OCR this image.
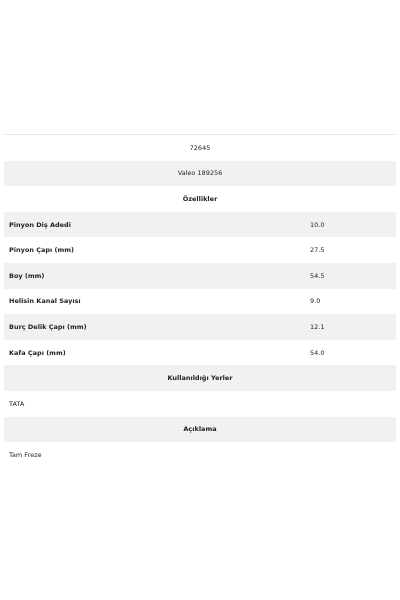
72645
Valeo 189256
Özellikler
Pinyon Diş Adedi	10.0
Pinyon Çapı (mm)	27.5
Boy (mm)	54.5
Helisin Kanal Sayısı	9.0
Burç Delik Çapı (mm)	12.1
Kafa Çapı (mm)	54.0
Kullanıldığı Yerler
TATA
Açıklama
Tam Freze
